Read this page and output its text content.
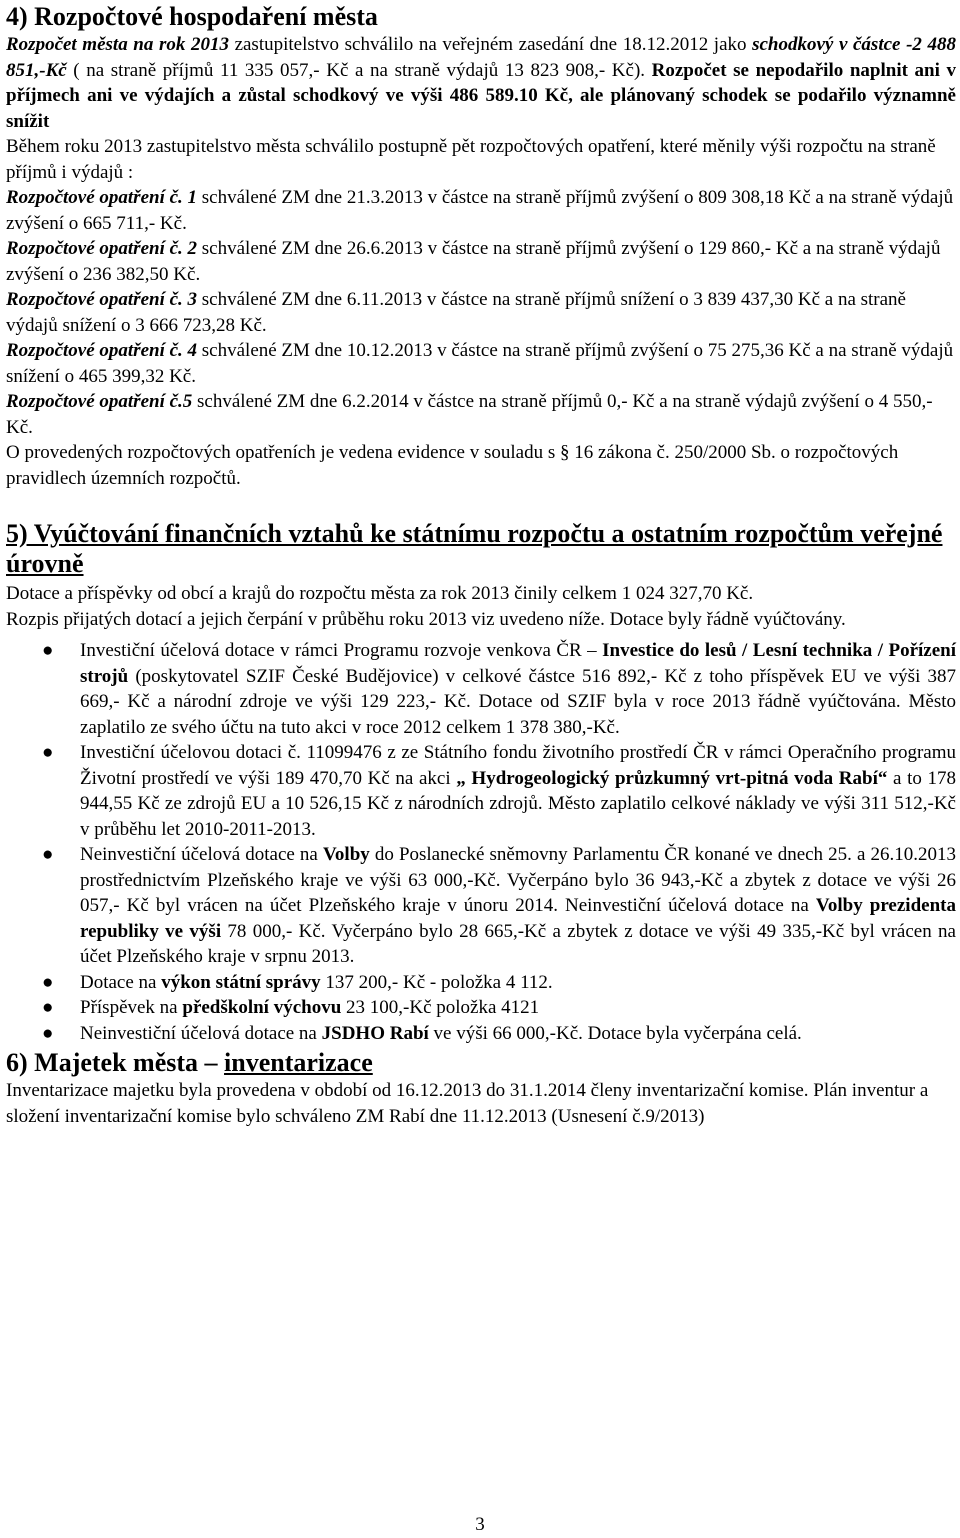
4) Rozpočtové hospodaření města

Rozpočet města na rok 2013 zastupitelstvo schválilo na veřejném zasedání dne 18.12.2012 jako schodkový v částce -2 488 851,-Kč ( na straně příjmů 11 335 057,- Kč a na straně výdajů 13 823 908,- Kč). Rozpočet se nepodařilo naplnit ani v příjmech ani ve výdajích a zůstal schodkový ve výši 486 589.10 Kč, ale plánovaný schodek se podařilo významně snížit

Během roku 2013 zastupitelstvo města schválilo postupně pět rozpočtových opatření, které měnily výši rozpočtu na straně příjmů i výdajů :

Rozpočtové opatření č. 1 schválené ZM dne 21.3.2013 v částce na straně příjmů zvýšení o 809 308,18 Kč a na straně výdajů zvýšení o 665 711,- Kč.

Rozpočtové opatření č. 2 schválené ZM dne 26.6.2013 v částce na straně příjmů zvýšení o 129 860,- Kč a na straně výdajů zvýšení o 236 382,50 Kč.

Rozpočtové opatření č. 3 schválené ZM dne 6.11.2013 v částce na straně příjmů snížení o 3 839 437,30 Kč a na straně výdajů snížení o 3 666 723,28 Kč.

Rozpočtové opatření č. 4 schválené ZM dne 10.12.2013 v částce na straně příjmů zvýšení o 75 275,36 Kč a na straně výdajů snížení o 465 399,32 Kč.

Rozpočtové opatření č.5 schválené ZM dne 6.2.2014 v částce na straně příjmů 0,- Kč a na straně výdajů zvýšení o 4 550,- Kč.

O provedených rozpočtových opatřeních je vedena evidence v souladu s § 16 zákona č. 250/2000 Sb. o rozpočtových pravidlech územních rozpočtů.

5) Vyúčtování finančních vztahů ke státnímu rozpočtu a ostatním rozpočtům veřejné úrovně

Dotace a příspěvky od obcí a krajů do rozpočtu města za rok 2013 činily celkem 1 024 327,70 Kč.

Rozpis přijatých dotací a jejich čerpání v průběhu roku 2013 viz uvedeno níže. Dotace byly řádně vyúčtovány.

● Investiční účelová dotace v rámci Programu rozvoje venkova ČR – Investice do lesů / Lesní technika / Pořízení strojů (poskytovatel SZIF České Budějovice) v celkové částce 516 892,- Kč z toho příspěvek EU ve výši 387 669,- Kč a národní zdroje ve výši 129 223,- Kč. Dotace od SZIF byla v roce 2013 řádně vyúčtována. Město zaplatilo ze svého účtu na tuto akci v roce 2012 celkem 1 378 380,-Kč.
● Investiční účelovou dotaci č. 11099476 z ze Státního fondu životního prostředí ČR v rámci Operačního programu Životní prostředí ve výši 189 470,70 Kč na akci „ Hydrogeologický průzkumný vrt-pitná voda Rabí“ a to 178 944,55 Kč ze zdrojů EU a 10 526,15 Kč z národních zdrojů. Město zaplatilo celkové náklady ve výši 311 512,-Kč v průběhu let 2010-2011-2013.
● Neinvestiční účelová dotace na Volby do Poslanecké sněmovny Parlamentu ČR konané ve dnech 25. a 26.10.2013 prostřednictvím Plzeňského kraje ve výši 63 000,-Kč. Vyčerpáno bylo 36 943,-Kč a zbytek z dotace ve výši 26 057,- Kč byl vrácen na účet Plzeňského kraje v únoru 2014. Neinvestiční účelová dotace na Volby prezidenta republiky ve výši 78 000,- Kč. Vyčerpáno bylo 28 665,-Kč a zbytek z dotace ve výši 49 335,-Kč byl vrácen na účet Plzeňského kraje v srpnu 2013.
● Dotace na výkon státní správy 137 200,- Kč - položka 4 112.
● Příspěvek na předškolní výchovu 23 100,-Kč položka 4121
● Neinvestiční účelová dotace na JSDHO Rabí ve výši 66 000,-Kč. Dotace byla vyčerpána celá.
6) Majetek města – inventarizace

Inventarizace majetku byla provedena v období od 16.12.2013 do 31.1.2014 členy inventarizační komise. Plán inventur a složení inventarizační komise bylo schváleno ZM Rabí dne 11.12.2013 (Usnesení č.9/2013)

3
